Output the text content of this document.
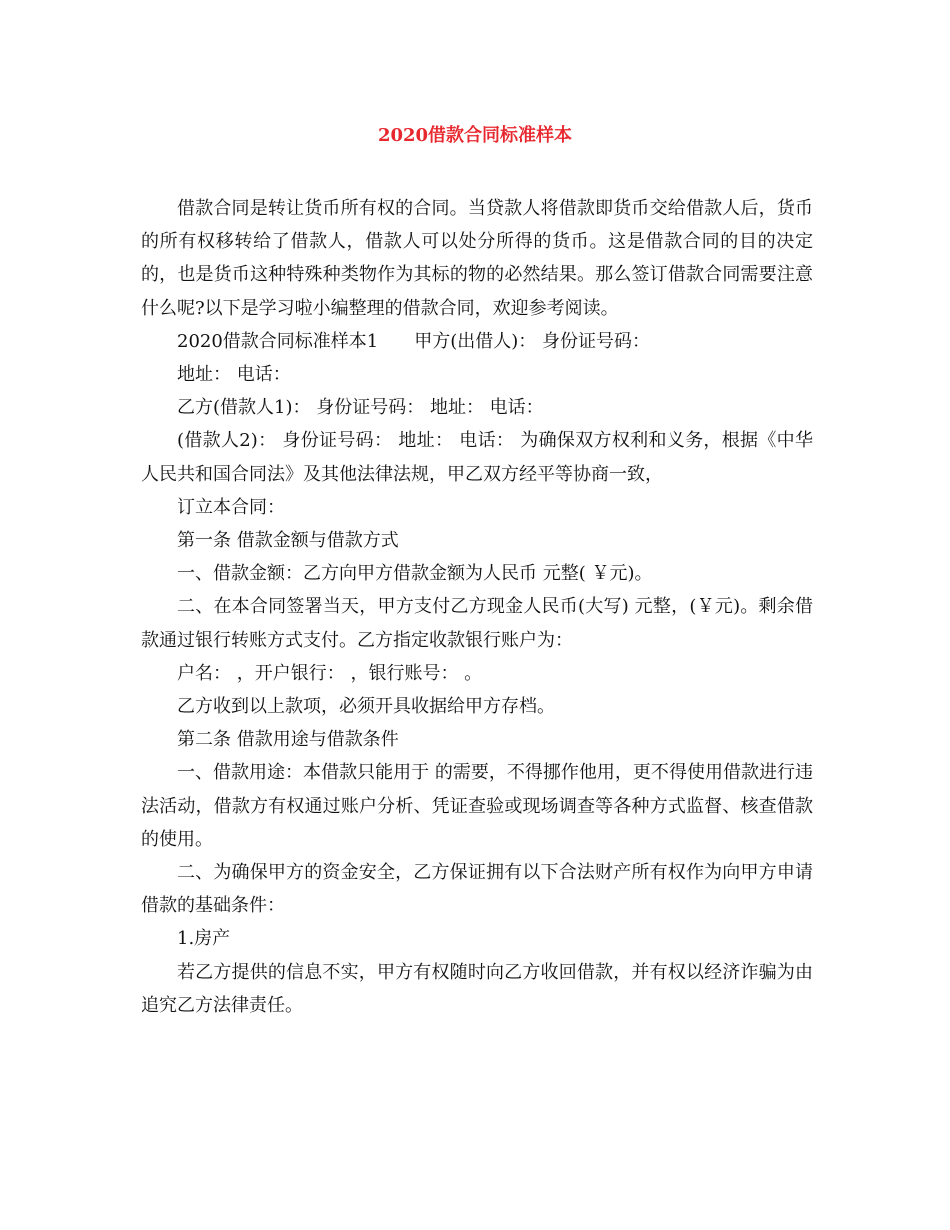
2020借款合同标准样本

借款合同是转让货币所有权的合同。当贷款人将借款即货币交给借款人后，货币的所有权移转给了借款人，借款人可以处分所得的货币。这是借款合同的目的决定的，也是货币这种特殊种类物作为其标的物的必然结果。那么签订借款合同需要注意什么呢?以下是学习啦小编整理的借款合同，欢迎参考阅读。

2020借款合同标准样本1 甲方(出借人)： 身份证号码：

地址： 电话：

乙方(借款人1)： 身份证号码： 地址： 电话：

(借款人2)： 身份证号码： 地址： 电话： 为确保双方权利和义务，根据《中华人民共和国合同法》及其他法律法规，甲乙双方经平等协商一致，

订立本合同：

第一条 借款金额与借款方式

一、借款金额：乙方向甲方借款金额为人民币 元整( ￥元)。

二、在本合同签署当天，甲方支付乙方现金人民币(大写) 元整，(￥元)。剩余借款通过银行转账方式支付。乙方指定收款银行账户为：

户名： ，开户银行： ，银行账号： 。

乙方收到以上款项，必须开具收据给甲方存档。

第二条 借款用途与借款条件

一、借款用途：本借款只能用于 的需要，不得挪作他用，更不得使用借款进行违法活动，借款方有权通过账户分析、凭证查验或现场调查等各种方式监督、核查借款的使用。

二、为确保甲方的资金安全，乙方保证拥有以下合法财产所有权作为向甲方申请借款的基础条件：

1.房产

若乙方提供的信息不实，甲方有权随时向乙方收回借款，并有权以经济诈骗为由追究乙方法律责任。
